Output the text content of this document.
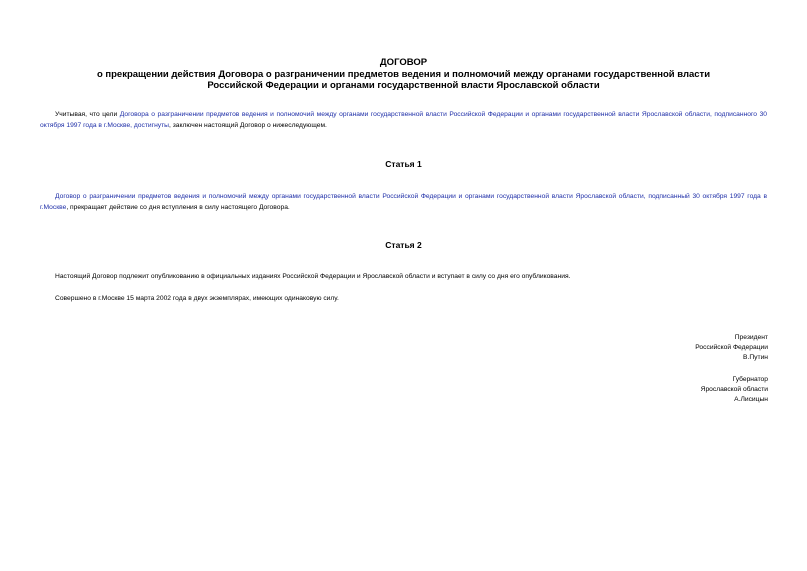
ДОГОВОР
о прекращении действия Договора о разграничении предметов ведения и полномочий между органами государственной власти Российской Федерации и органами государственной власти Ярославской области

Учитывая, что цели Договора о разграничении предметов ведения и полномочий между органами государственной власти Российской Федерации и органами государственной власти Ярославской области, подписанного 30 октября 1997 года в г.Москве, достигнуты, заключен настоящий Договор о нижеследующем.

Статья 1

Договор о разграничении предметов ведения и полномочий между органами государственной власти Российской Федерации и органами государственной власти Ярославской области, подписанный 30 октября 1997 года в г.Москве, прекращает действие со дня вступления в силу настоящего Договора.

Статья 2

Настоящий Договор подлежит опубликованию в официальных изданиях Российской Федерации и Ярославской области и вступает в силу со дня его опубликования.

Совершено в г.Москве 15 марта 2002 года в двух экземплярах, имеющих одинаковую силу.

Президент
Российской Федерации
В.Путин
Губернатор
Ярославской области
А.Лисицын
